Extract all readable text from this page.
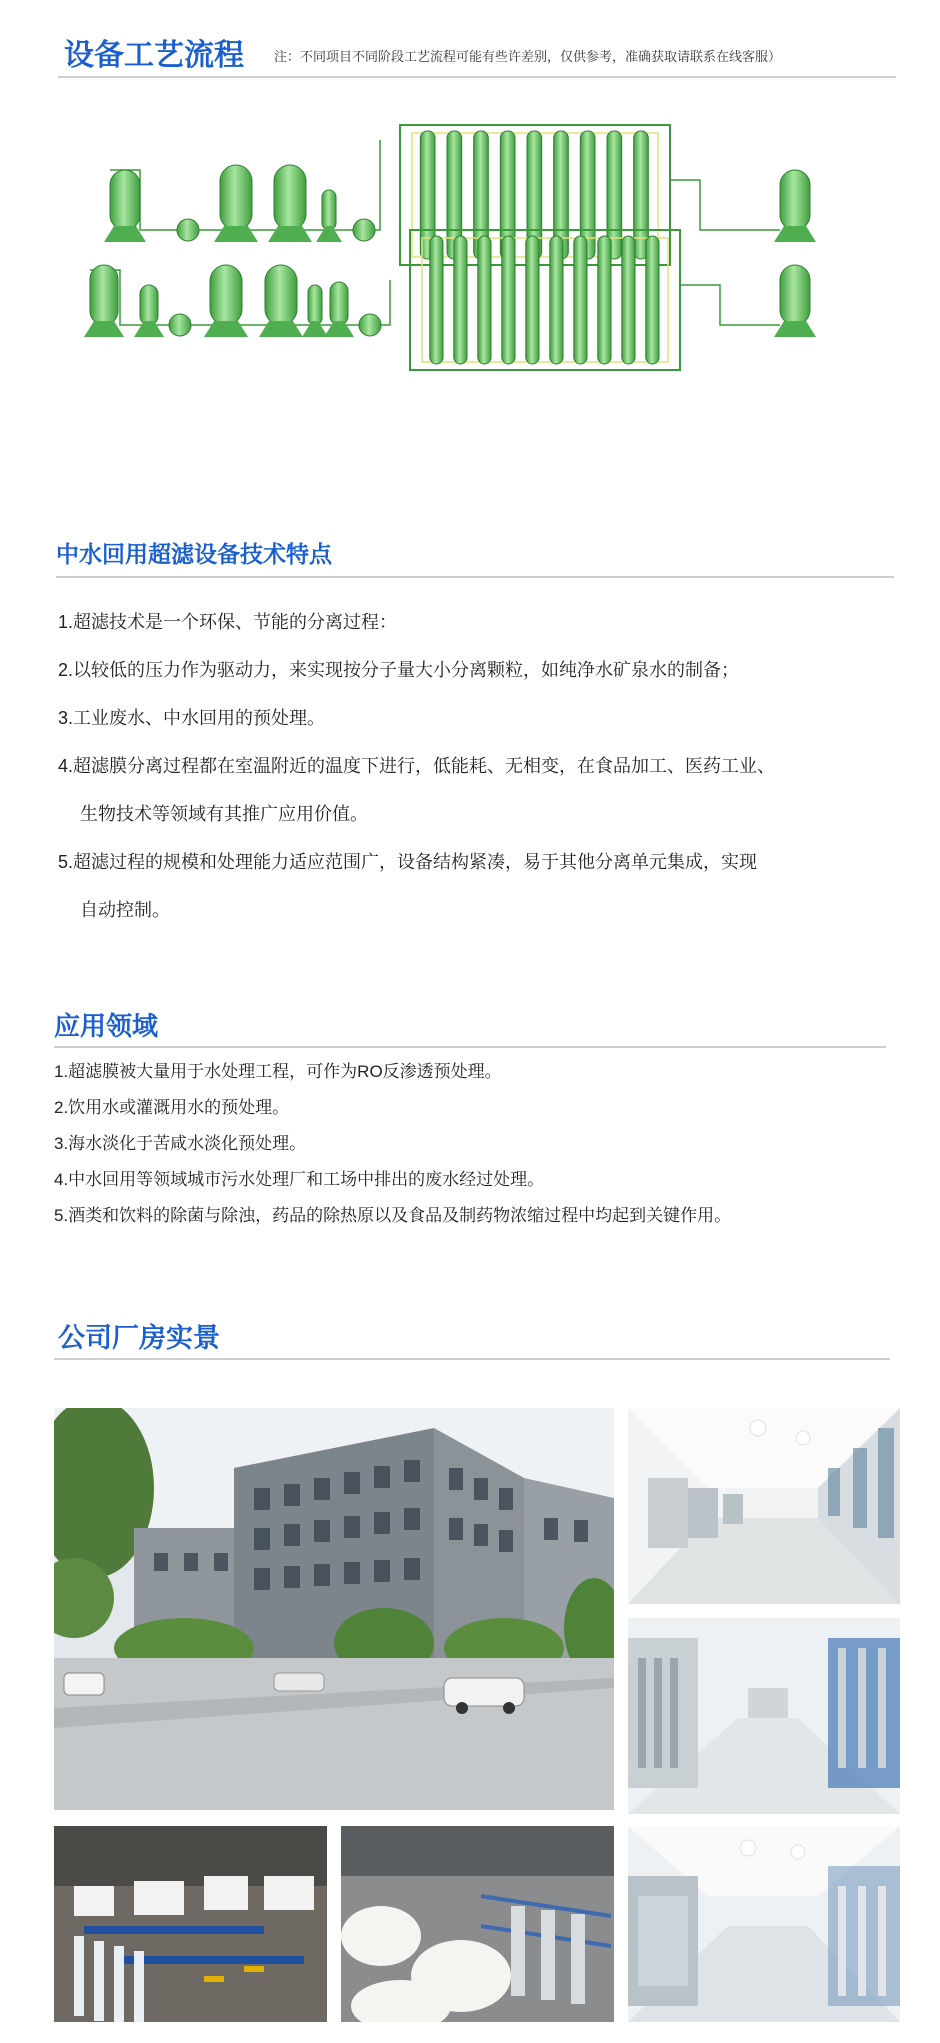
设备工艺流程 注：不同项目不同阶段工艺流程可能有些许差别，仅供参考，准确获取请联系在线客服）
中水回用超滤设备技术特点
1.超滤技术是一个环保、节能的分离过程：
2.以较低的压力作为驱动力，来实现按分子量大小分离颗粒，如纯净水矿泉水的制备；
3.工业废水、中水回用的预处理。
4.超滤膜分离过程都在室温附近的温度下进行，低能耗、无相变，在食品加工、医药工业、
生物技术等领域有其推广应用价值。
5.超滤过程的规模和处理能力适应范围广，设备结构紧凑，易于其他分离单元集成，实现
自动控制。
应用领域
1.超滤膜被大量用于水处理工程，可作为RO反渗透预处理。
2.饮用水或灌溉用水的预处理。
3.海水淡化于苦咸水淡化预处理。
4.中水回用等领域城市污水处理厂和工场中排出的废水经过处理。
5.酒类和饮料的除菌与除浊，药品的除热原以及食品及制药物浓缩过程中均起到关键作用。
公司厂房实景
